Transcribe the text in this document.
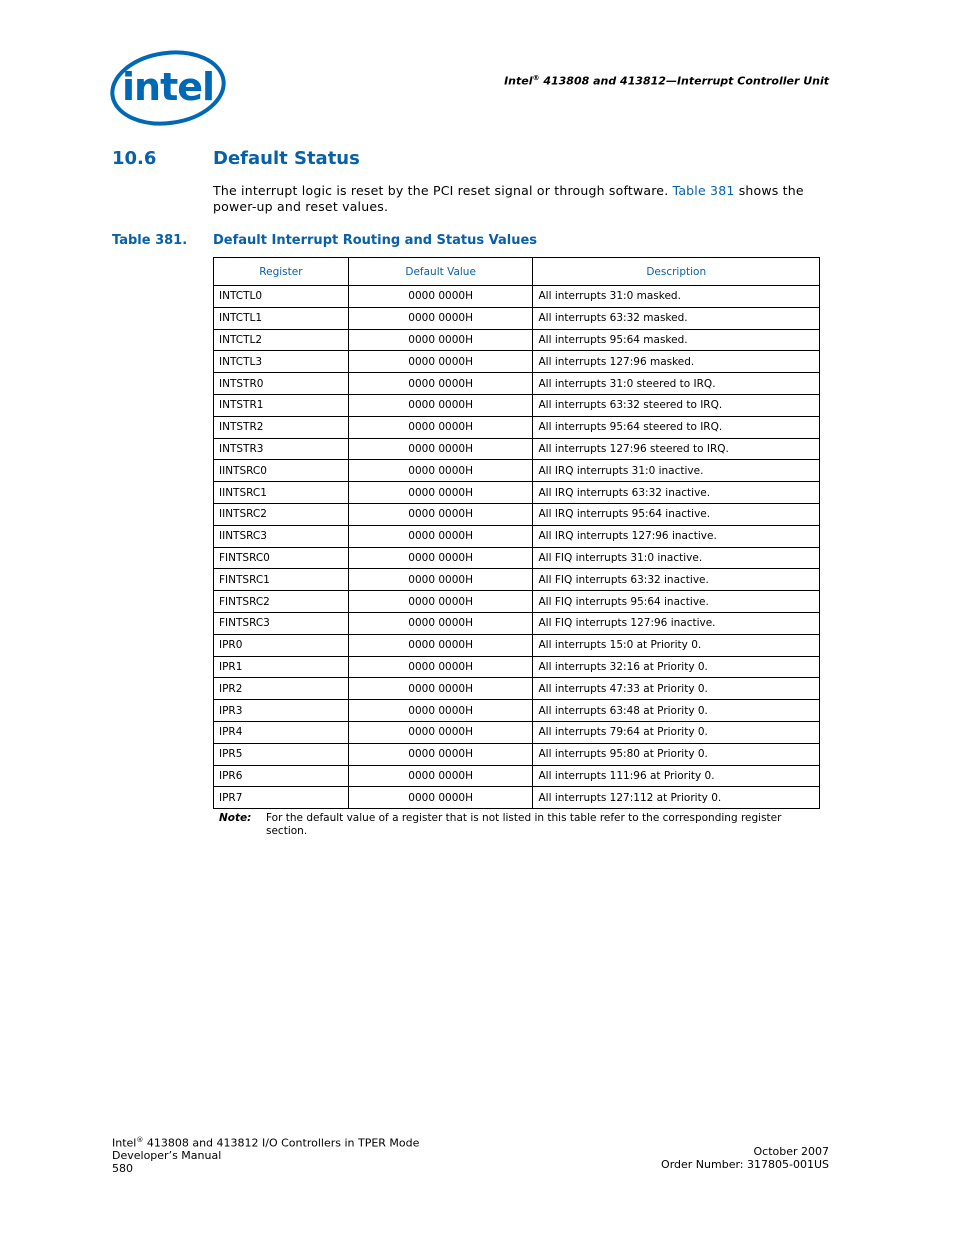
intel	Intel® 413808 and 413812—Interrupt Controller Unit
10.6	Default Status
The interrupt logic is reset by the PCI reset signal or through software. Table 381 shows the power-up and reset values.
Table 381. Default Interrupt Routing and Status Values
Register	Default Value	Description
INTCTL0	0000 0000H	All interrupts 31:0 masked.
INTCTL1	0000 0000H	All interrupts 63:32 masked.
INTCTL2	0000 0000H	All interrupts 95:64 masked.
INTCTL3	0000 0000H	All interrupts 127:96 masked.
INTSTR0	0000 0000H	All interrupts 31:0 steered to IRQ.
INTSTR1	0000 0000H	All interrupts 63:32 steered to IRQ.
INTSTR2	0000 0000H	All interrupts 95:64 steered to IRQ.
INTSTR3	0000 0000H	All interrupts 127:96 steered to IRQ.
IINTSRC0	0000 0000H	All IRQ interrupts 31:0 inactive.
IINTSRC1	0000 0000H	All IRQ interrupts 63:32 inactive.
IINTSRC2	0000 0000H	All IRQ interrupts 95:64 inactive.
IINTSRC3	0000 0000H	All IRQ interrupts 127:96 inactive.
FINTSRC0	0000 0000H	All FIQ interrupts 31:0 inactive.
FINTSRC1	0000 0000H	All FIQ interrupts 63:32 inactive.
FINTSRC2	0000 0000H	All FIQ interrupts 95:64 inactive.
FINTSRC3	0000 0000H	All FIQ interrupts 127:96 inactive.
IPR0	0000 0000H	All interrupts 15:0 at Priority 0.
IPR1	0000 0000H	All interrupts 32:16 at Priority 0.
IPR2	0000 0000H	All interrupts 47:33 at Priority 0.
IPR3	0000 0000H	All interrupts 63:48 at Priority 0.
IPR4	0000 0000H	All interrupts 79:64 at Priority 0.
IPR5	0000 0000H	All interrupts 95:80 at Priority 0.
IPR6	0000 0000H	All interrupts 111:96 at Priority 0.
IPR7	0000 0000H	All interrupts 127:112 at Priority 0.
Note: For the default value of a register that is not listed in this table refer to the corresponding register section.
Intel® 413808 and 413812 I/O Controllers in TPER Mode
Developer’s Manual
580
October 2007
Order Number: 317805-001US
